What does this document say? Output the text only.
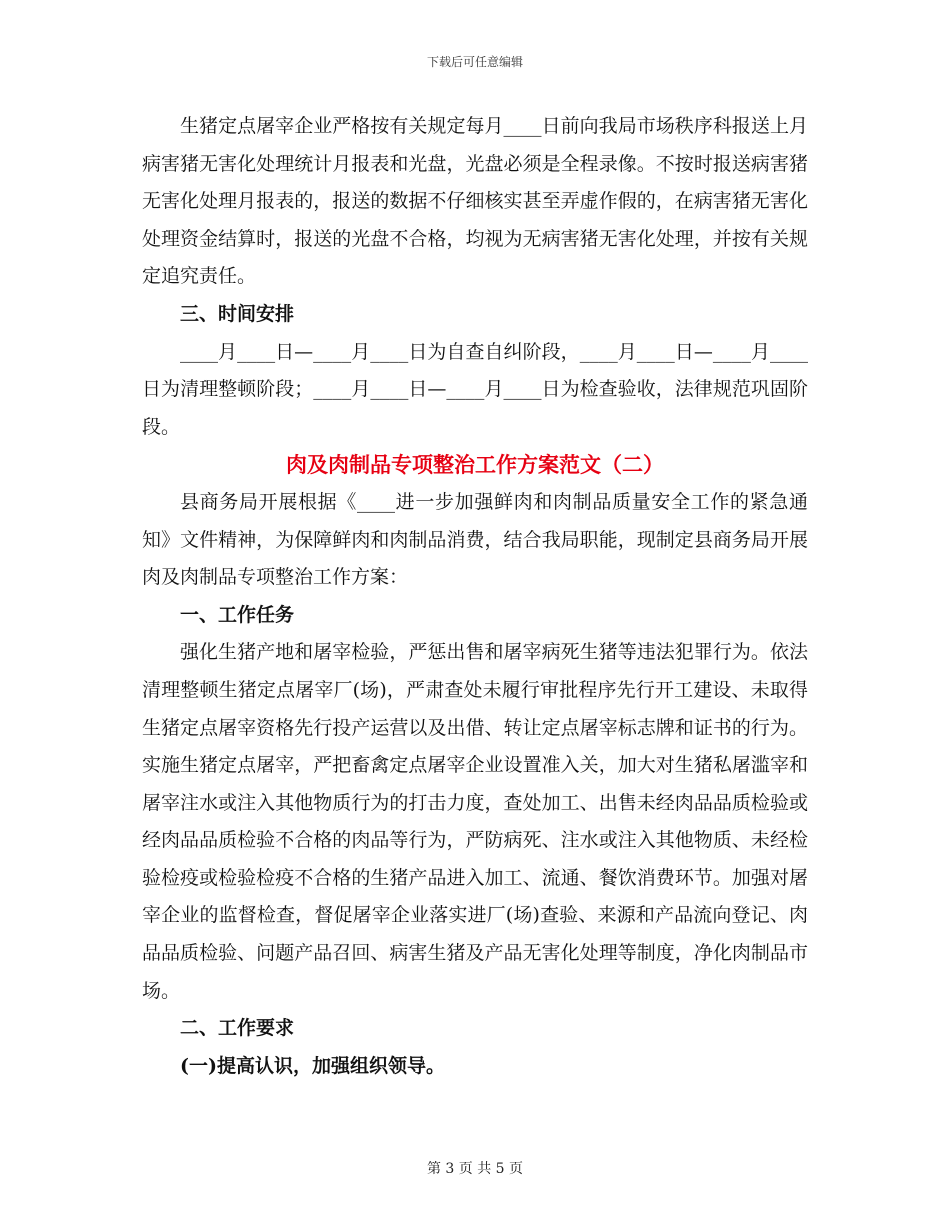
下载后可任意编辑

生猪定点屠宰企业严格按有关规定每月____日前向我局市场秩序科报送上月病害猪无害化处理统计月报表和光盘，光盘必须是全程录像。不按时报送病害猪无害化处理月报表的，报送的数据不仔细核实甚至弄虚作假的，在病害猪无害化处理资金结算时，报送的光盘不合格，均视为无病害猪无害化处理，并按有关规定追究责任。

三、时间安排

____月____日—____月____日为自查自纠阶段，____月____日—____月____日为清理整顿阶段；____月____日—____月____日为检查验收，法律规范巩固阶段。

肉及肉制品专项整治工作方案范文（二）

县商务局开展根据《____进一步加强鲜肉和肉制品质量安全工作的紧急通知》文件精神，为保障鲜肉和肉制品消费，结合我局职能，现制定县商务局开展肉及肉制品专项整治工作方案：

一、工作任务

强化生猪产地和屠宰检验，严惩出售和屠宰病死生猪等违法犯罪行为。依法清理整顿生猪定点屠宰厂(场)，严肃查处未履行审批程序先行开工建设、未取得生猪定点屠宰资格先行投产运营以及出借、转让定点屠宰标志牌和证书的行为。实施生猪定点屠宰，严把畜禽定点屠宰企业设置准入关，加大对生猪私屠滥宰和屠宰注水或注入其他物质行为的打击力度，查处加工、出售未经肉品品质检验或经肉品品质检验不合格的肉品等行为，严防病死、注水或注入其他物质、未经检验检疫或检验检疫不合格的生猪产品进入加工、流通、餐饮消费环节。加强对屠宰企业的监督检查，督促屠宰企业落实进厂(场)查验、来源和产品流向登记、肉品品质检验、问题产品召回、病害生猪及产品无害化处理等制度，净化肉制品市场。

二、工作要求

(一)提高认识，加强组织领导。

第 3 页 共 5 页
